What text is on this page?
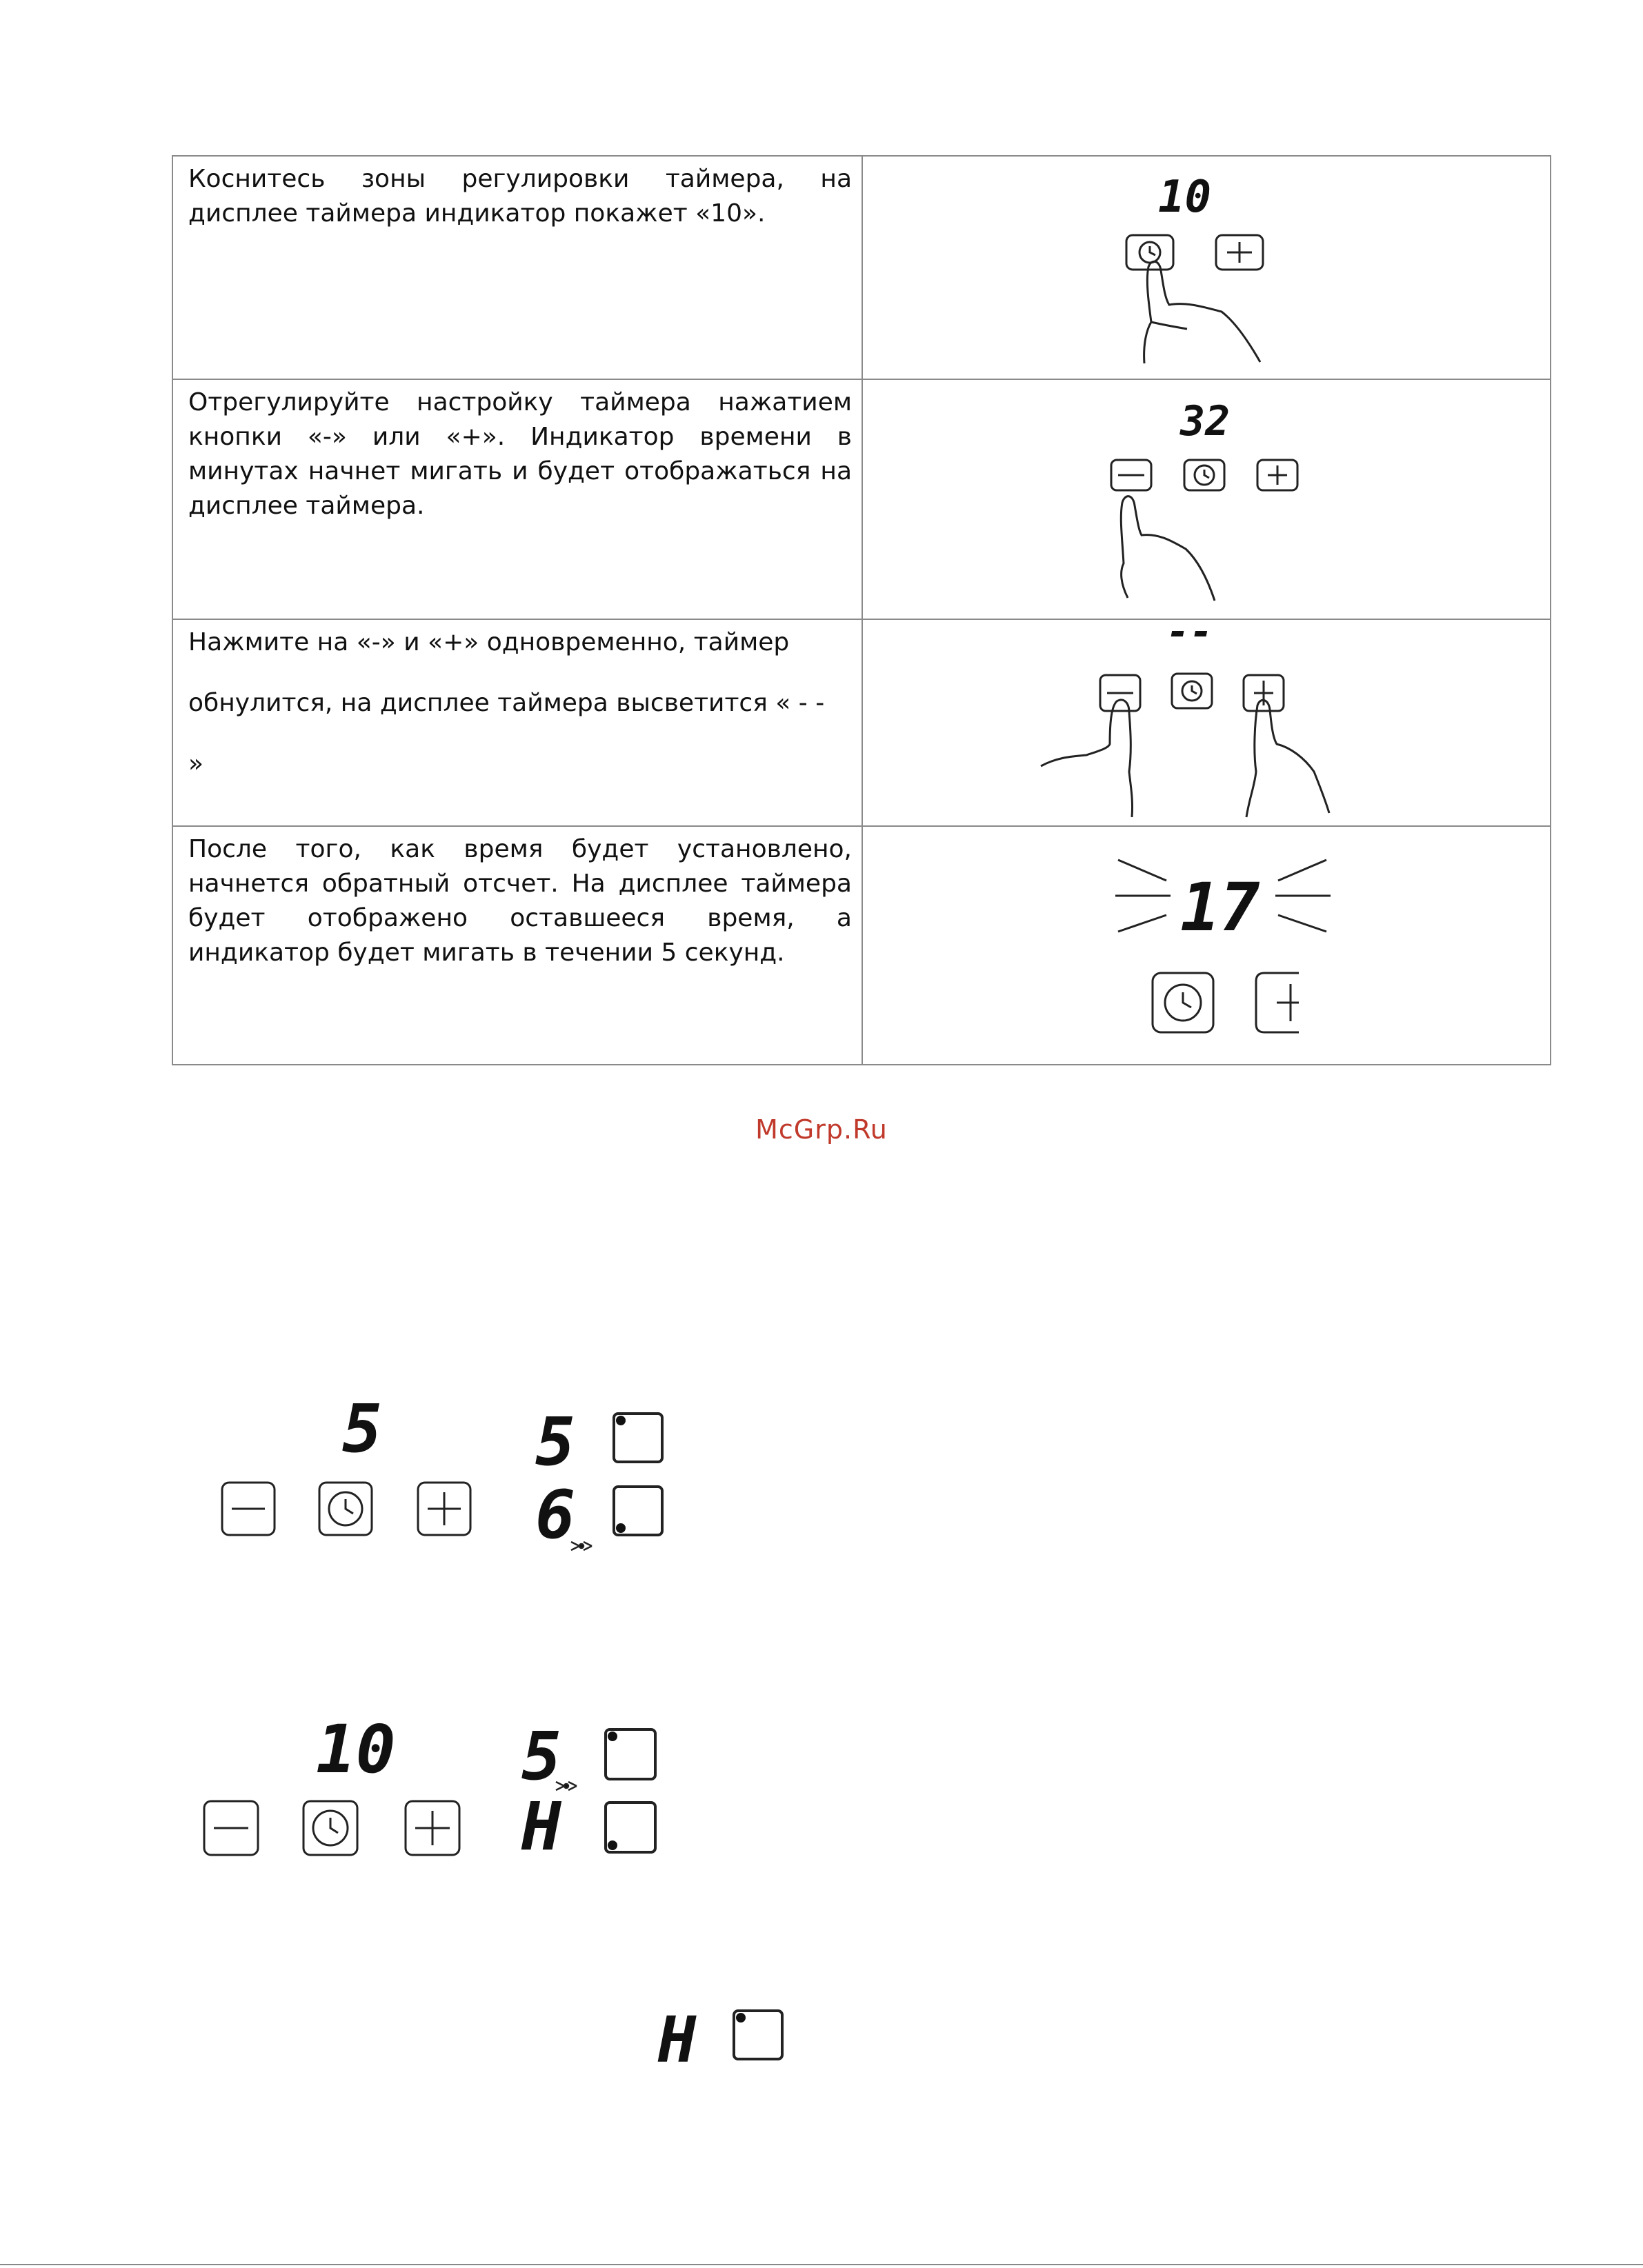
Коснитесь зоны регулировки таймера, на дисплее таймера индикатор покажет «10».	10

Отрегулируйте настройку таймера нажатием кнопки «-» или «+». Индикатор времени в минутах начнет мигать и будет отображаться на дисплее таймера.	32

Нажмите на «-» и «+» одновременно, таймер
обнулится, на дисплее таймера высветится « - -
»	--

После того, как время будет установлено, начнется обратный отсчет. На дисплее таймера будет отображено оставшееся время, а индикатор будет мигать в течении 5 секунд.	17
McGrp.Ru
5 5
6
10 5
H
H
